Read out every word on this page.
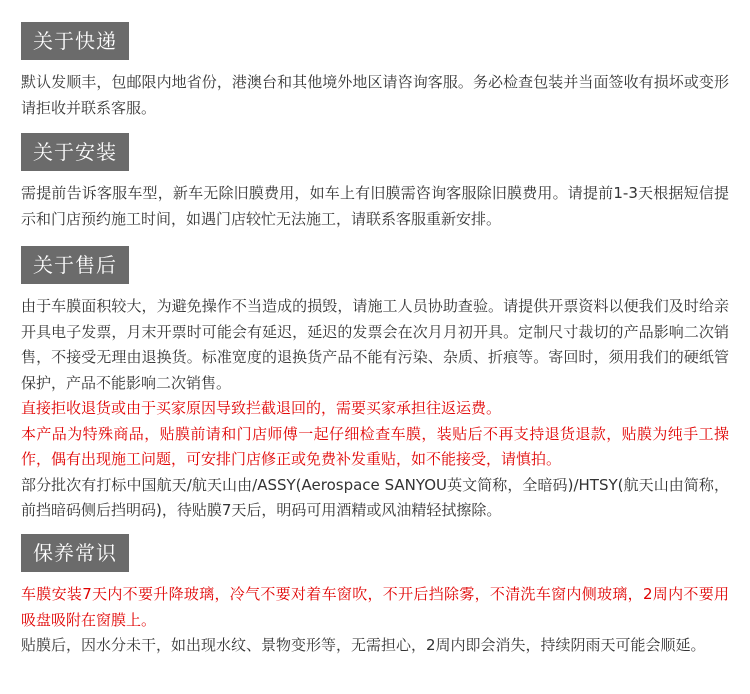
关于快递

默认发顺丰，包邮限内地省份，港澳台和其他境外地区请咨询客服。务必检查包装并当面签收有损坏或变形请拒收并联系客服。

关于安装

需提前告诉客服车型，新车无除旧膜费用，如车上有旧膜需咨询客服除旧膜费用。请提前1-3天根据短信提示和门店预约施工时间，如遇门店较忙无法施工，请联系客服重新安排。

关于售后

由于车膜面积较大，为避免操作不当造成的损毁，请施工人员协助查验。请提供开票资料以便我们及时给亲开具电子发票，月末开票时可能会有延迟，延迟的发票会在次月月初开具。定制尺寸裁切的产品影响二次销售，不接受无理由退换货。标准宽度的退换货产品不能有污染、杂质、折痕等。寄回时，须用我们的硬纸管保护，产品不能影响二次销售。

直接拒收退货或由于买家原因导致拦截退回的，需要买家承担往返运费。

本产品为特殊商品，贴膜前请和门店师傅一起仔细检查车膜，装贴后不再支持退货退款，贴膜为纯手工操作，偶有出现施工问题，可安排门店修正或免费补发重贴，如不能接受，请慎拍。

部分批次有打标中国航天/航天山由/ASSY(Aerospace SANYOU英文简称，全暗码)/HTSY(航天山由简称，前挡暗码侧后挡明码)，待贴膜7天后，明码可用酒精或风油精轻拭擦除。

保养常识

车膜安装7天内不要升降玻璃，冷气不要对着车窗吹，不开后挡除雾，不清洗车窗内侧玻璃，2周内不要用吸盘吸附在窗膜上。

贴膜后，因水分未干，如出现水纹、景物变形等，无需担心，2周内即会消失，持续阴雨天可能会顺延。
